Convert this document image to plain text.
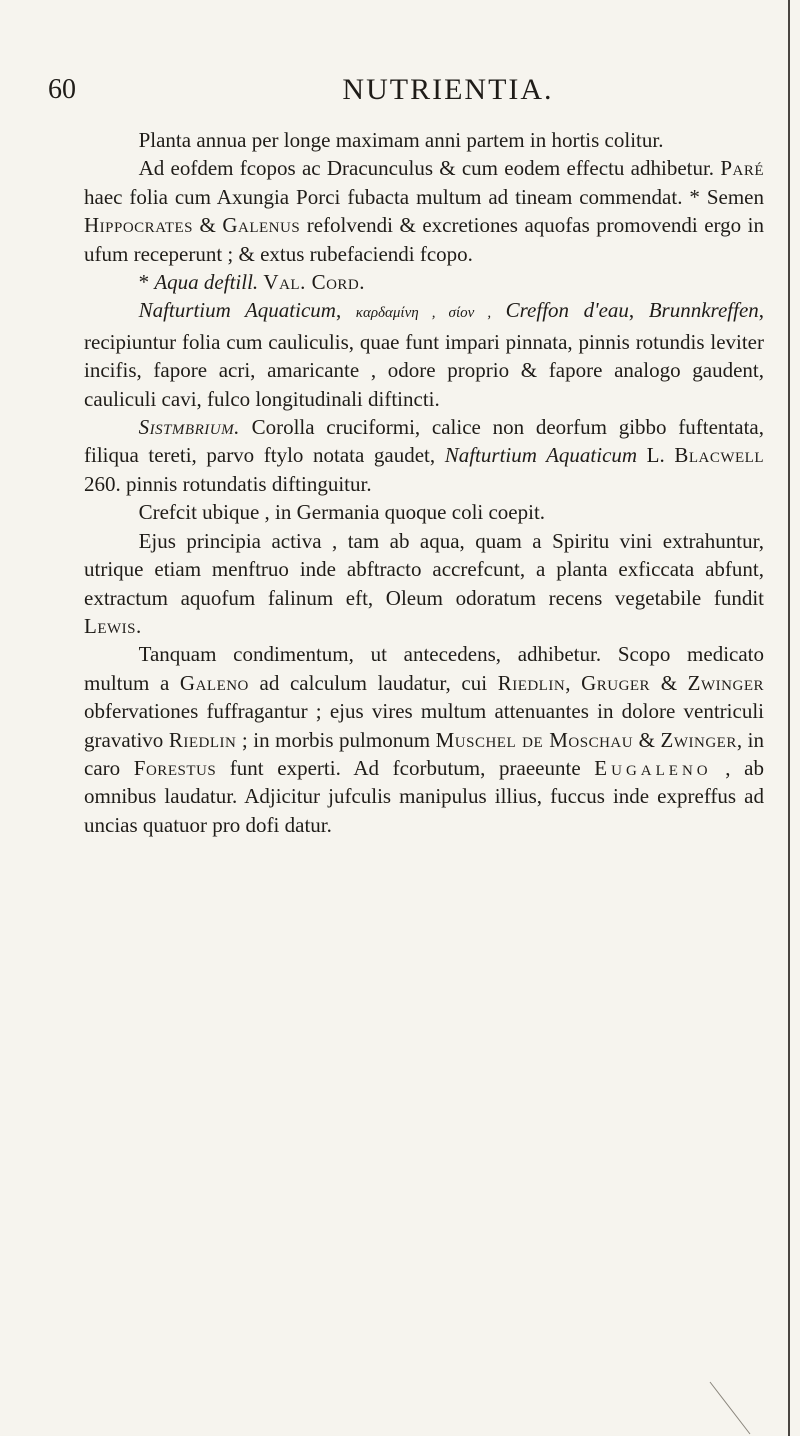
60	NUTRIENTIA.

Planta annua per longe maximam anni partem in hortis colitur.

Ad eofdem fcopos ac Dracunculus & cum eodem effectu adhibetur. Paré haec folia cum Axungia Porci fubacta multum ad tineam commendat. * Semen Hippocrates & Galenus refolvendi & excretiones aquofas promovendi ergo in ufum receperunt ; & extus rubefaciendi fcopo.

* Aqua deftill. Val. Cord.

Nafturtium Aquaticum, καρδαμίνη , σίον , Creffon d'eau, Brunnkreffen, recipiuntur folia cum cauliculis, quae funt impari pinnata, pinnis rotundis leviter incifis, fapore acri, amaricante , odore proprio & fapore analogo gaudent, cauliculi cavi, fulco longitudinali diftincti.

Sistmbrium. Corolla cruciformi, calice non deorfum gibbo fuftentata, filiqua tereti, parvo ftylo notata gaudet, Nafturtium Aquaticum L. Blacwell 260. pinnis rotundatis diftinguitur.

Crefcit ubique , in Germania quoque coli coepit.

Ejus principia activa , tam ab aqua, quam a Spiritu vini extrahuntur, utrique etiam menftruo inde abftracto accrefcunt, a planta exficcata abfunt, extractum aquofum falinum eft, Oleum odoratum recens vegetabile fundit Lewis.

Tanquam condimentum, ut antecedens, adhibetur. Scopo medicato multum a Galeno ad calculum laudatur, cui Riedlin, Gruger & Zwinger obfervationes fuffragantur ; ejus vires multum attenuantes in dolore ventriculi gravativo Riedlin ; in morbis pulmonum Muschel de Moschau & Zwinger, in caro Forestus funt experti. Ad fcorbutum, praeeunte Eugaleno , ab omnibus laudatur. Adjicitur jufculis manipulus illius, fuccus inde expreffus ad uncias quatuor pro dofi datur.
